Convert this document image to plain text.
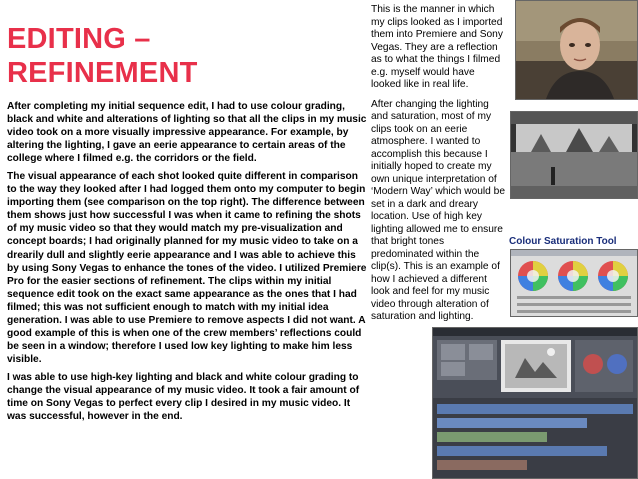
EDITING –
REFINEMENT

After completing my initial sequence edit, I had to use colour grading, black and white and alterations of lighting so that all the clips in my music video took on a more visually impressive appearance. For example, by altering the lighting, I gave an eerie appearance to certain areas of the college where I filmed e.g. the corridors or the field.

The visual appearance of each shot looked quite different in comparison to the way they looked after I had logged them onto my computer to begin importing them (see comparison on the top right). The difference between them shows just how successful I was when it came to refining the shots of my music video so that they would match my pre-visualization and concept boards; I had originally planned for my music video to take on a drearily dull and slightly eerie appearance and I was able to achieve this by using Sony Vegas to enhance the tones of the video. I utilized Premiere Pro for the easier sections of refinement. The clips within my initial sequence edit took on the exact same appearance as the ones that I had filmed; this was not sufficient enough to match with my initial idea generation. I was able to use Premiere to remove aspects I did not want. A good example of this is when one of the crew members’ reflections could be seen in a window; therefore I used low key lighting to make him less visible.

I was able to use high-key lighting and black and white colour grading to change the visual appearance of my music video. It took a fair amount of time on Sony Vegas to perfect every clip I desired in my music video. It was successful, however in the end.

This is the manner in which my clips looked as I imported them into Premiere and Sony Vegas. They are a reflection as to what the things I filmed e.g. myself would have looked like in real life.

After changing the lighting and saturation, most of my clips took on an eerie atmosphere. I wanted to accomplish this because I initially hoped to create my own unique interpretation of ‘Modern Way’ which would be set in a dark and dreary location. Use of high key lighting allowed me to ensure that bright tones predominated within the clip(s). This is an example of how I achieved a different look and feel for my music video through alteration of saturation and lighting.

Colour Saturation Tool
